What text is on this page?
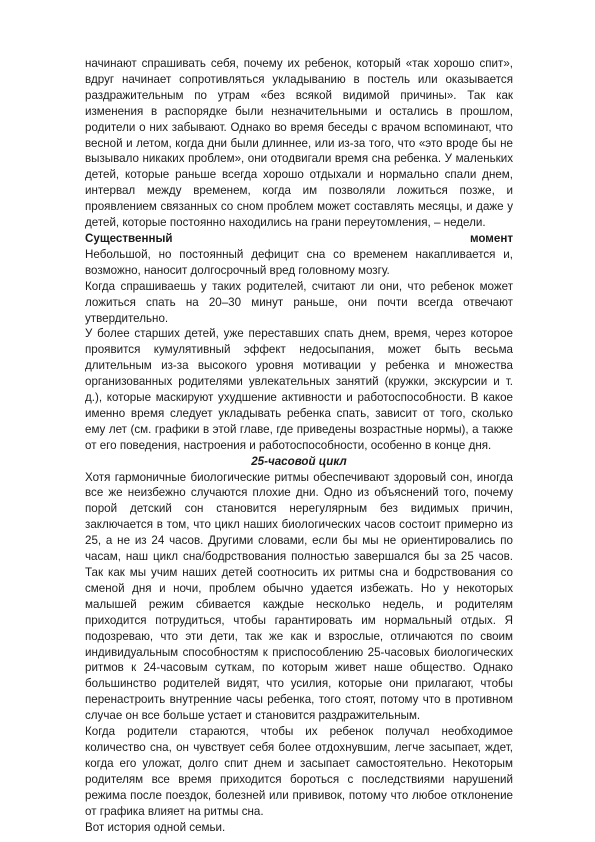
начинают спрашивать себя, почему их ребенок, который «так хорошо спит», вдруг начинает сопротивляться укладыванию в постель или оказывается раздражительным по утрам «без всякой видимой причины». Так как изменения в распорядке были незначительными и остались в прошлом, родители о них забывают. Однако во время беседы с врачом вспоминают, что весной и летом, когда дни были длиннее, или из-за того, что «это вроде бы не вызывало никаких проблем», они отодвигали время сна ребенка. У маленьких детей, которые раньше всегда хорошо отдыхали и нормально спали днем, интервал между временем, когда им позволяли ложиться позже, и проявлением связанных со сном проблем может составлять месяцы, и даже у детей, которые постоянно находились на грани переутомления, – недели.

Существенный	момент

Небольшой, но постоянный дефицит сна со временем накапливается и, возможно, наносит долгосрочный вред головному мозгу.

Когда спрашиваешь у таких родителей, считают ли они, что ребенок может ложиться спать на 20–30 минут раньше, они почти всегда отвечают утвердительно.

У более старших детей, уже переставших спать днем, время, через которое проявится кумулятивный эффект недосыпания, может быть весьма длительным из-за высокого уровня мотивации у ребенка и множества организованных родителями увлекательных занятий (кружки, экскурсии и т. д.), которые маскируют ухудшение активности и работоспособности. В какое именно время следует укладывать ребенка спать, зависит от того, сколько ему лет (см. графики в этой главе, где приведены возрастные нормы), а также от его поведения, настроения и работоспособности, особенно в конце дня.

25-часовой цикл

Хотя гармоничные биологические ритмы обеспечивают здоровый сон, иногда все же неизбежно случаются плохие дни. Одно из объяснений того, почему порой детский сон становится нерегулярным без видимых причин, заключается в том, что цикл наших биологических часов состоит примерно из 25, а не из 24 часов. Другими словами, если бы мы не ориентировались по часам, наш цикл сна/бодрствования полностью завершался бы за 25 часов. Так как мы учим наших детей соотносить их ритмы сна и бодрствования со сменой дня и ночи, проблем обычно удается избежать. Но у некоторых малышей режим сбивается каждые несколько недель, и родителям приходится потрудиться, чтобы гарантировать им нормальный отдых. Я подозреваю, что эти дети, так же как и взрослые, отличаются по своим индивидуальным способностям к приспособлению 25-часовых биологических ритмов к 24-часовым суткам, по которым живет наше общество. Однако большинство родителей видят, что усилия, которые они прилагают, чтобы перенастроить внутренние часы ребенка, того стоят, потому что в противном случае он все больше устает и становится раздражительным.

Когда родители стараются, чтобы их ребенок получал необходимое количество сна, он чувствует себя более отдохнувшим, легче засыпает, ждет, когда его уложат, долго спит днем и засыпает самостоятельно. Некоторым родителям все время приходится бороться с последствиями нарушений режима после поездок, болезней или прививок, потому что любое отклонение от графика влияет на ритмы сна.

Вот история одной семьи.
